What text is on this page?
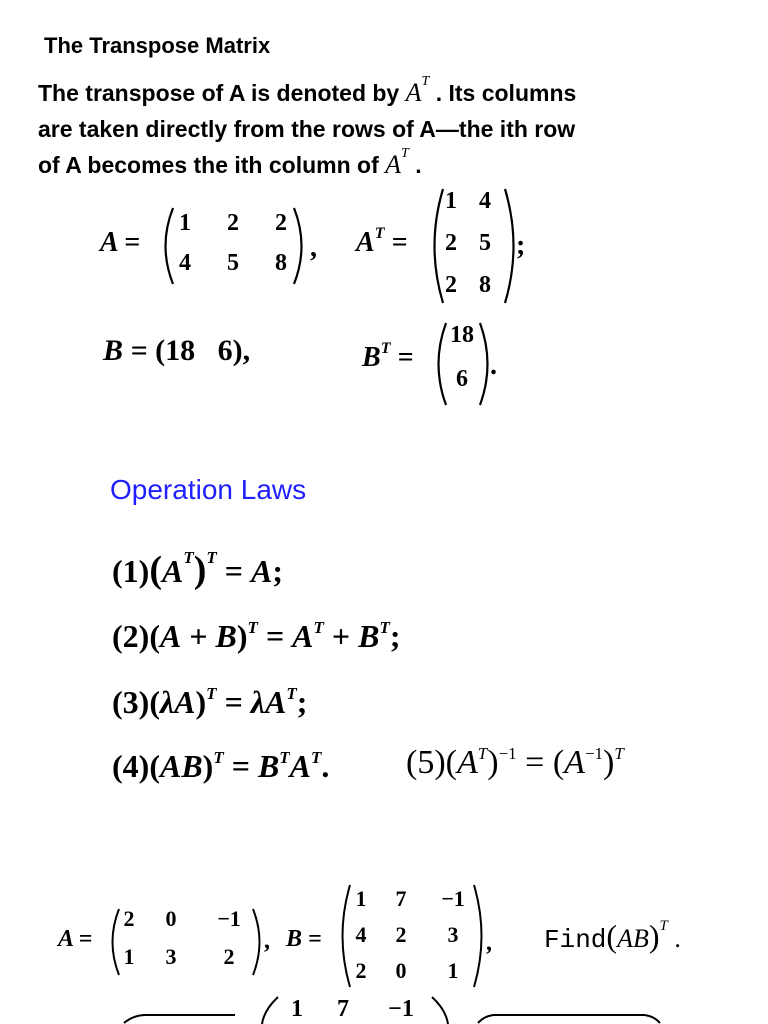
The Transpose Matrix
The transpose of A is denoted by $A^T$ . Its columns
are taken directly from the rows of A—the ith row
of A becomes the ith column of $A^T$ .
A =
1	2	2
4	5	8 , $A^T$ =
1 4
2 5
2 8
;
B = (18   6),	$B^T$ =
18
6 .
Operation Laws
$(1)(A^T)^T = A$;
$(2)(A + B)^T = A^T + B^T$;
$(3)(\lambda A)^T = \lambda A^T$;
$(4)(AB)^T = B^TA^T$. $(5)(A^T)^{-1} = (A^{-1})^T$
A =
2	0	−1
1	3	2
, B =
1	7	−1
4	2	3
2	0	1
, Find(AB)$^T$ .
1	7	−1
